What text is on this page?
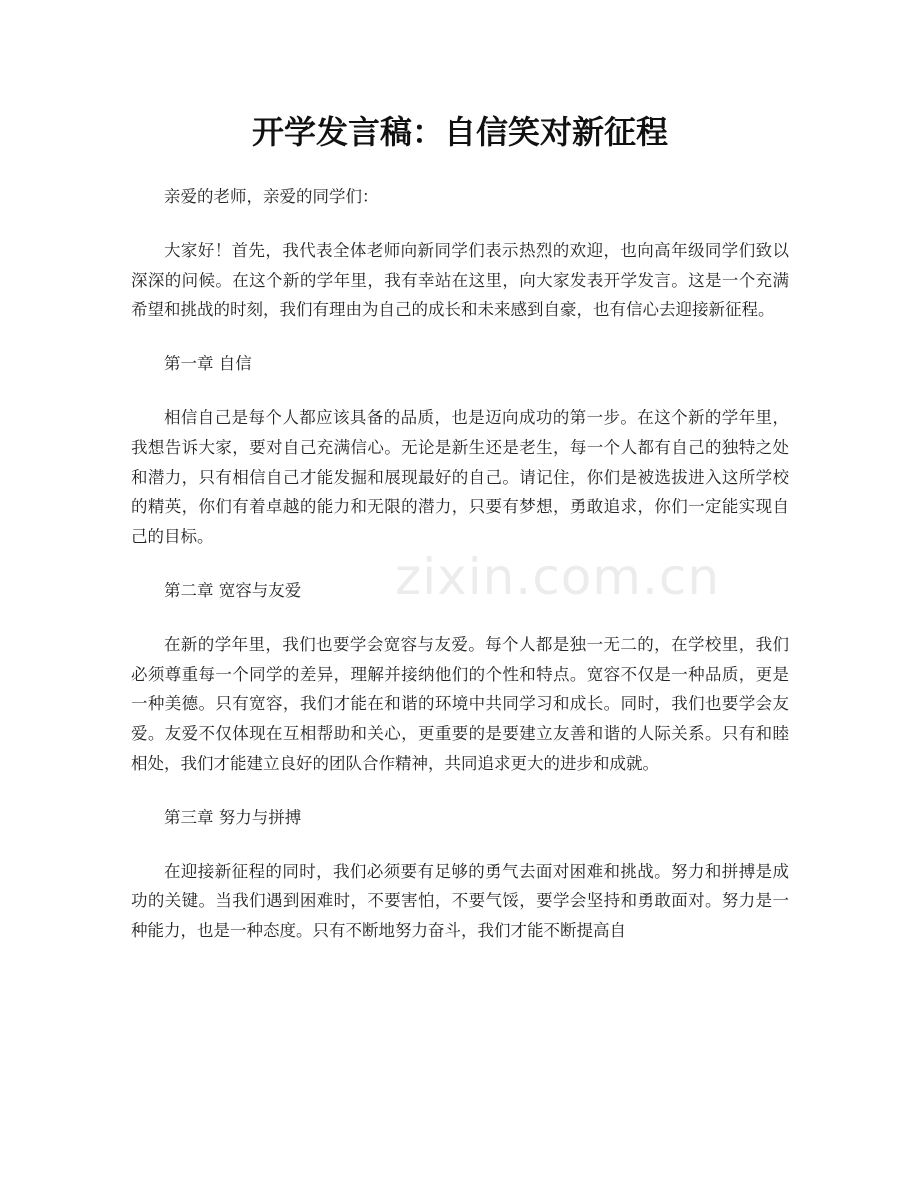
开学发言稿：自信笑对新征程
zixin.com.cn

亲爱的老师，亲爱的同学们：

大家好！首先，我代表全体老师向新同学们表示热烈的欢迎，也向高年级同学们致以深深的问候。在这个新的学年里，我有幸站在这里，向大家发表开学发言。这是一个充满希望和挑战的时刻，我们有理由为自己的成长和未来感到自豪，也有信心去迎接新征程。

第一章 自信

相信自己是每个人都应该具备的品质，也是迈向成功的第一步。在这个新的学年里，我想告诉大家，要对自己充满信心。无论是新生还是老生，每一个人都有自己的独特之处和潜力，只有相信自己才能发掘和展现最好的自己。请记住，你们是被选拔进入这所学校的精英，你们有着卓越的能力和无限的潜力，只要有梦想，勇敢追求，你们一定能实现自己的目标。

第二章 宽容与友爱

在新的学年里，我们也要学会宽容与友爱。每个人都是独一无二的，在学校里，我们必须尊重每一个同学的差异，理解并接纳他们的个性和特点。宽容不仅是一种品质，更是一种美德。只有宽容，我们才能在和谐的环境中共同学习和成长。同时，我们也要学会友爱。友爱不仅体现在互相帮助和关心，更重要的是要建立友善和谐的人际关系。只有和睦相处，我们才能建立良好的团队合作精神，共同追求更大的进步和成就。

第三章 努力与拼搏

在迎接新征程的同时，我们必须要有足够的勇气去面对困难和挑战。努力和拼搏是成功的关键。当我们遇到困难时，不要害怕，不要气馁，要学会坚持和勇敢面对。努力是一种能力，也是一种态度。只有不断地努力奋斗，我们才能不断提高自
